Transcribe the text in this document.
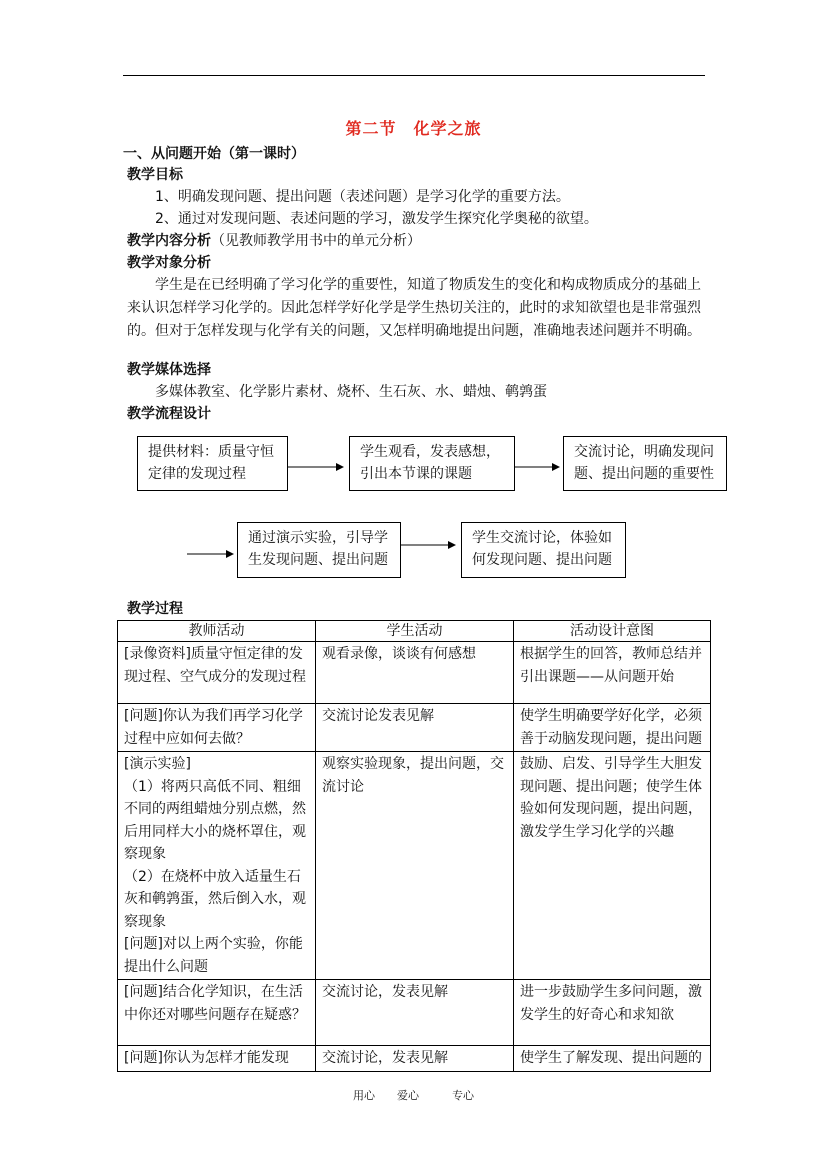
第二节　化学之旅
一、从问题开始（第一课时）
教学目标
1、明确发现问题、提出问题（表述问题）是学习化学的重要方法。
2、通过对发现问题、表述问题的学习，激发学生探究化学奥秘的欲望。
教学内容分析（见教师教学用书中的单元分析）
教学对象分析
学生是在已经明确了学习化学的重要性，知道了物质发生的变化和构成物质成分的基础上来认识怎样学习化学的。因此怎样学好化学是学生热切关注的，此时的求知欲望也是非常强烈的。但对于怎样发现与化学有关的问题，又怎样明确地提出问题，准确地表述问题并不明确。
教学媒体选择
多媒体教室、化学影片素材、烧杯、生石灰、水、蜡烛、鹌鹑蛋
教学流程设计
提供材料：质量守恒定律的发现过程
学生观看，发表感想，引出本节课的课题
交流讨论，明确发现问题、提出问题的重要性
通过演示实验，引导学生发现问题、提出问题
学生交流讨论，体验如何发现问题、提出问题
教学过程
教师活动	学生活动	活动设计意图
[录像资料]质量守恒定律的发现过程、空气成分的发现过程	观看录像，谈谈有何感想	根据学生的回答，教师总结并引出课题——从问题开始
[问题]你认为我们再学习化学过程中应如何去做？	交流讨论发表见解	使学生明确要学好化学，必须善于动脑发现问题，提出问题

[演示实验]
（1）将两只高低不同、粗细不同的两组蜡烛分别点燃，然后用同样大小的烧杯罩住，观察现象
（2）在烧杯中放入适量生石灰和鹌鹑蛋，然后倒入水，观察现象
[问题]对以上两个实验，你能提出什么问题	观察实验现象，提出问题，交流讨论	鼓励、启发、引导学生大胆发现问题、提出问题；使学生体验如何发现问题，提出问题，激发学生学习化学的兴趣
[问题]结合化学知识，在生活中你还对哪些问题存在疑惑？	交流讨论，发表见解	进一步鼓励学生多问问题，激发学生的好奇心和求知欲
[问题]你认为怎样才能发现	交流讨论，发表见解	使学生了解发现、提出问题的
用心　　爱心　　　专心
